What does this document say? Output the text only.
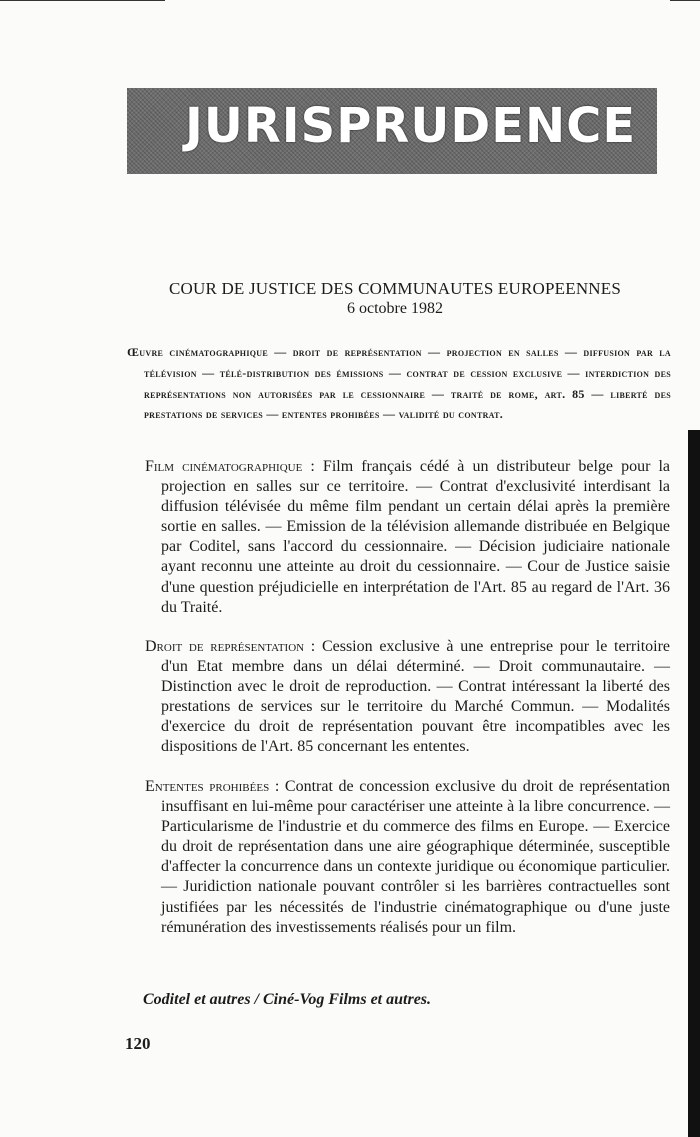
JURISPRUDENCE
COUR DE JUSTICE DES COMMUNAUTES EUROPEENNES
6 octobre 1982
Œuvre cinématographique — droit de représentation — projection en salles — diffusion par la télévision — télé-distribution des émissions — contrat de cession exclusive — interdiction des représentations non autorisées par le cessionnaire — traité de rome, art. 85 — liberté des prestations de services — ententes prohibées — validité du contrat.
Film cinématographique : Film français cédé à un distributeur belge pour la projection en salles sur ce territoire. — Contrat d'exclusivité interdisant la diffusion télévisée du même film pendant un certain délai après la première sortie en salles. — Emission de la télévision allemande distribuée en Belgique par Coditel, sans l'accord du cessionnaire. — Décision judiciaire nationale ayant reconnu une atteinte au droit du cessionnaire. — Cour de Justice saisie d'une question préjudicielle en interprétation de l'Art. 85 au regard de l'Art. 36 du Traité.
Droit de représentation : Cession exclusive à une entreprise pour le territoire d'un Etat membre dans un délai déterminé. — Droit communautaire. — Distinction avec le droit de reproduction. — Contrat intéressant la liberté des prestations de services sur le territoire du Marché Commun. — Modalités d'exercice du droit de représentation pouvant être incompatibles avec les dispositions de l'Art. 85 concernant les ententes.
Ententes prohibées : Contrat de concession exclusive du droit de représentation insuffisant en lui-même pour caractériser une atteinte à la libre concurrence. — Particularisme de l'industrie et du commerce des films en Europe. — Exercice du droit de représentation dans une aire géographique déterminée, susceptible d'affecter la concurrence dans un contexte juridique ou économique particulier. — Juridiction nationale pouvant contrôler si les barrières contractuelles sont justifiées par les nécessités de l'industrie cinématographique ou d'une juste rémunération des investissements réalisés pour un film.
Coditel et autres / Ciné-Vog Films et autres.
120
